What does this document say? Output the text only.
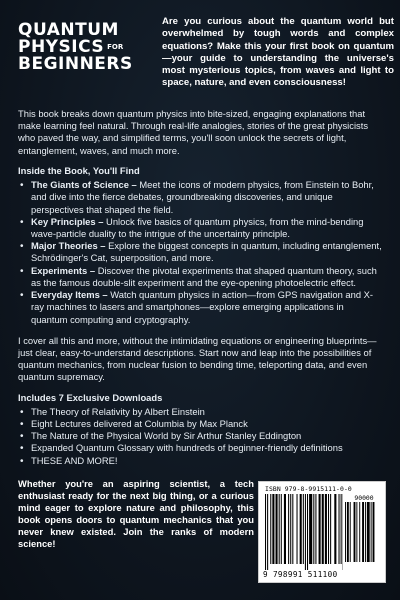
QUANTUM
PHYSICS FOR
BEGINNERS
Are you curious about the quantum world but overwhelmed by tough words and complex equations? Make this your first book on quantum—your guide to understanding the universe's most mysterious topics, from waves and light to space, nature, and even consciousness!

This book breaks down quantum physics into bite-sized, engaging explanations that make learning feel natural. Through real-life analogies, stories of the great physicists who paved the way, and simplified terms, you'll soon unlock the secrets of light, entanglement, waves, and much more.

Inside the Book, You'll Find
• The Giants of Science – Meet the icons of modern physics, from Einstein to Bohr, and dive into the fierce debates, groundbreaking discoveries, and unique perspectives that shaped the field.
• Key Principles – Unlock five basics of quantum physics, from the mind-bending wave-particle duality to the intrigue of the uncertainty principle.
• Major Theories – Explore the biggest concepts in quantum, including entanglement, Schrödinger's Cat, superposition, and more.
• Experiments – Discover the pivotal experiments that shaped quantum theory, such as the famous double-slit experiment and the eye-opening photoelectric effect.
• Everyday Items – Watch quantum physics in action—from GPS navigation and X-ray machines to lasers and smartphones—explore emerging applications in quantum computing and cryptography.

I cover all this and more, without the intimidating equations or engineering blueprints—just clear, easy-to-understand descriptions. Start now and leap into the possibilities of quantum mechanics, from nuclear fusion to bending time, teleporting data, and even quantum supremacy.

Includes 7 Exclusive Downloads
• The Theory of Relativity by Albert Einstein
• Eight Lectures delivered at Columbia by Max Planck
• The Nature of the Physical World by Sir Arthur Stanley Eddington
• Expanded Quantum Glossary with hundreds of beginner-friendly definitions
• THESE AND MORE!
Whether you're an aspiring scientist, a tech enthusiast ready for the next big thing, or a curious mind eager to explore nature and philosophy, this book opens doors to quantum mechanics that you never knew existed. Join the ranks of modern science!
ISBN 979-8-9915111-0-0
90000
9 798991 511100
